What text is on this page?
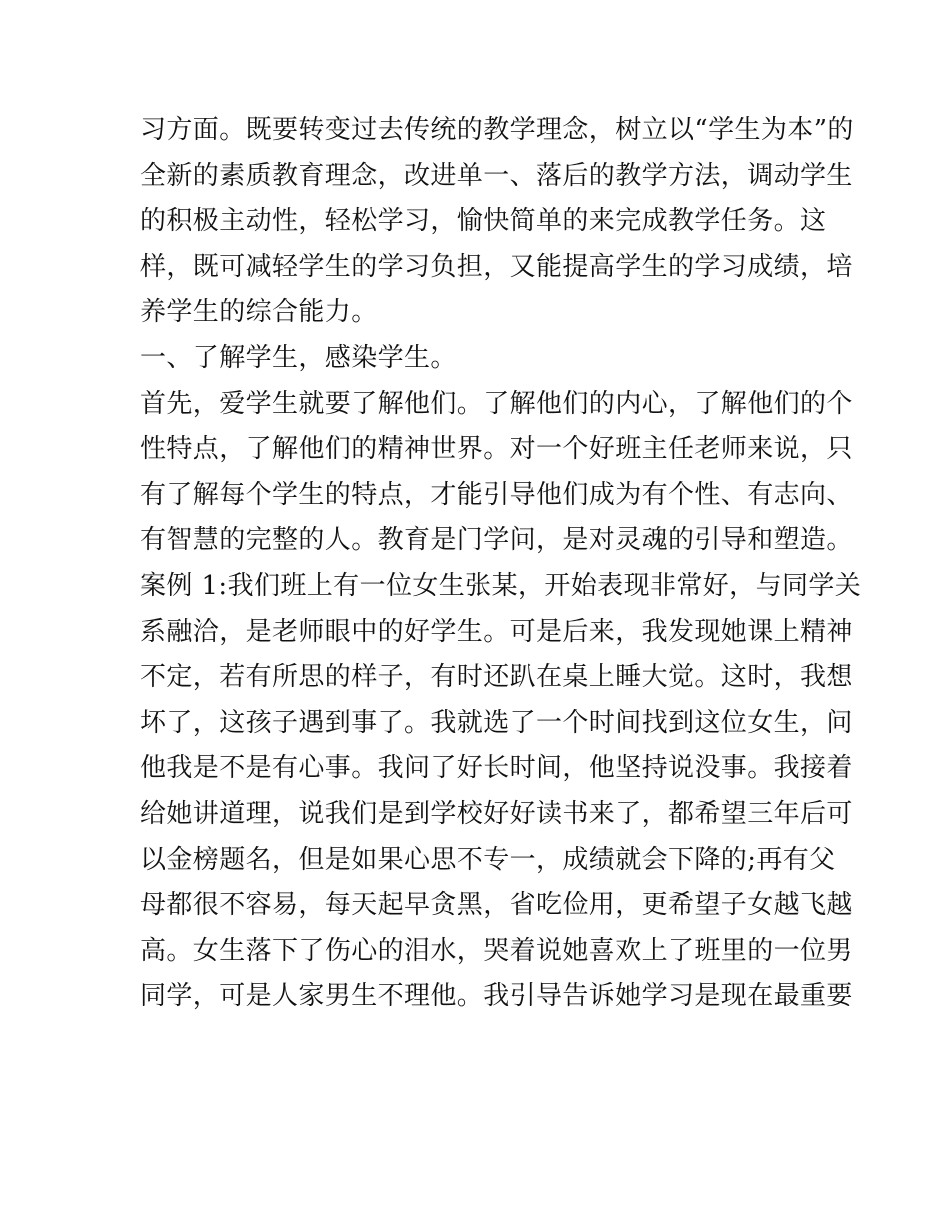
习方面。既要转变过去传统的教学理念，树立以“学生为本”的
全新的素质教育理念，改进单一、落后的教学方法，调动学生
的积极主动性，轻松学习，愉快简单的来完成教学任务。这
样，既可减轻学生的学习负担，又能提高学生的学习成绩，培
养学生的综合能力。
一、了解学生，感染学生。
首先，爱学生就要了解他们。了解他们的内心，了解他们的个
性特点，了解他们的精神世界。对一个好班主任老师来说，只
有了解每个学生的特点，才能引导他们成为有个性、有志向、
有智慧的完整的人。教育是门学问，是对灵魂的引导和塑造。
案例 1:我们班上有一位女生张某，开始表现非常好，与同学关
系融洽，是老师眼中的好学生。可是后来，我发现她课上精神
不定，若有所思的样子，有时还趴在桌上睡大觉。这时，我想
坏了，这孩子遇到事了。我就选了一个时间找到这位女生，问
他我是不是有心事。我问了好长时间，他坚持说没事。我接着
给她讲道理，说我们是到学校好好读书来了，都希望三年后可
以金榜题名，但是如果心思不专一，成绩就会下降的;再有父
母都很不容易，每天起早贪黑，省吃俭用，更希望子女越飞越
高。女生落下了伤心的泪水，哭着说她喜欢上了班里的一位男
同学，可是人家男生不理他。我引导告诉她学习是现在最重要
